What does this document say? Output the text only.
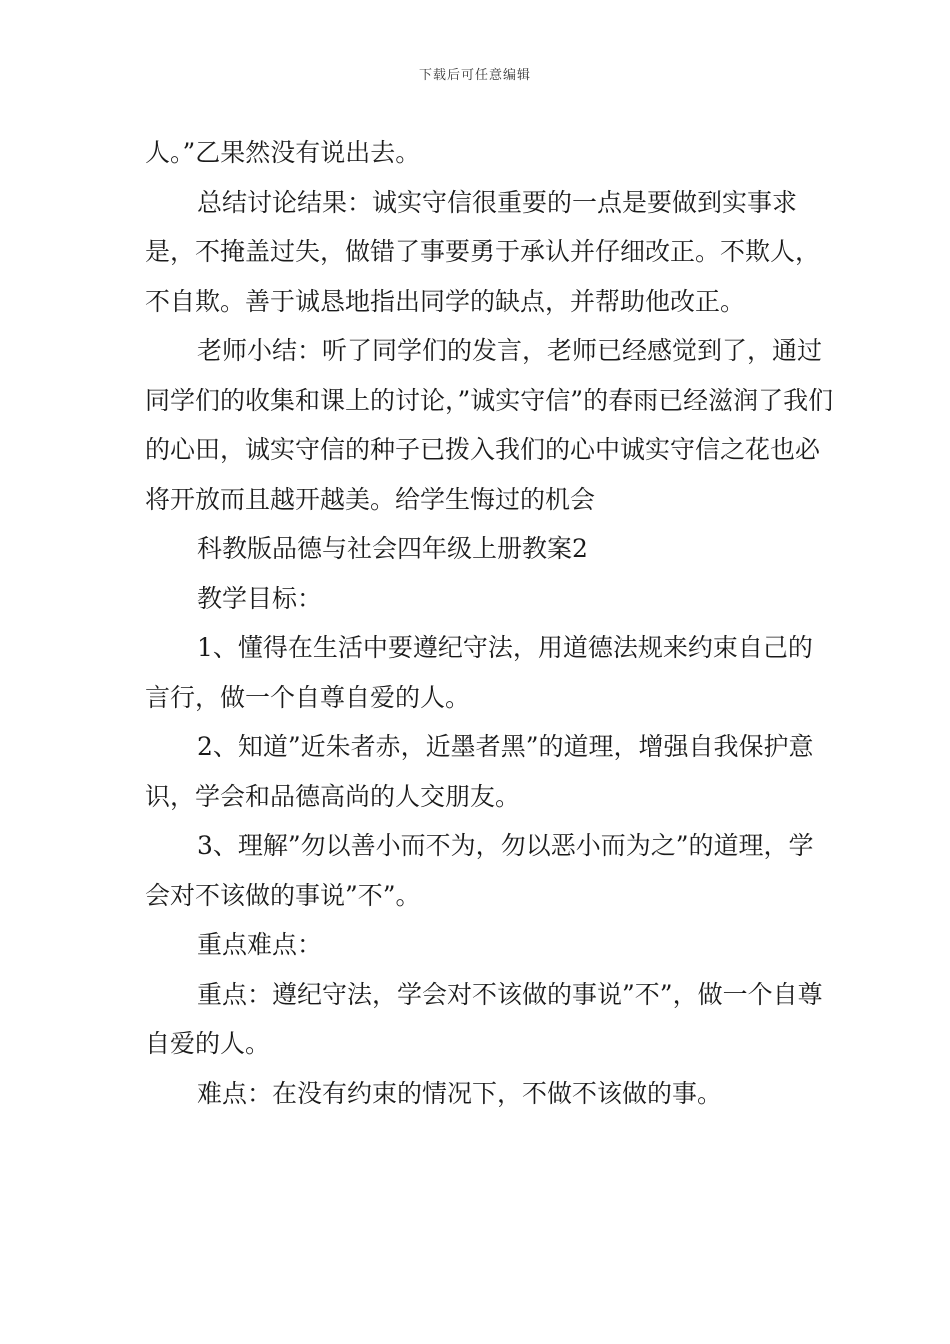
下载后可任意编辑

人。”乙果然没有说出去。

总结讨论结果：诚实守信很重要的一点是要做到实事求是，不掩盖过失，做错了事要勇于承认并仔细改正。不欺人，不自欺。善于诚恳地指出同学的缺点，并帮助他改正。

老师小结：听了同学们的发言，老师已经感觉到了，通过同学们的收集和课上的讨论，”诚实守信”的春雨已经滋润了我们的心田，诚实守信的种子已拨入我们的心中诚实守信之花也必将开放而且越开越美。给学生悔过的机会

科教版品德与社会四年级上册教案2

教学目标：

1、懂得在生活中要遵纪守法，用道德法规来约束自己的言行，做一个自尊自爱的人。

2、知道”近朱者赤，近墨者黑”的道理，增强自我保护意识，学会和品德高尚的人交朋友。

3、理解”勿以善小而不为，勿以恶小而为之”的道理，学会对不该做的事说”不”。

重点难点：

重点：遵纪守法，学会对不该做的事说”不”，做一个自尊自爱的人。

难点：在没有约束的情况下，不做不该做的事。
